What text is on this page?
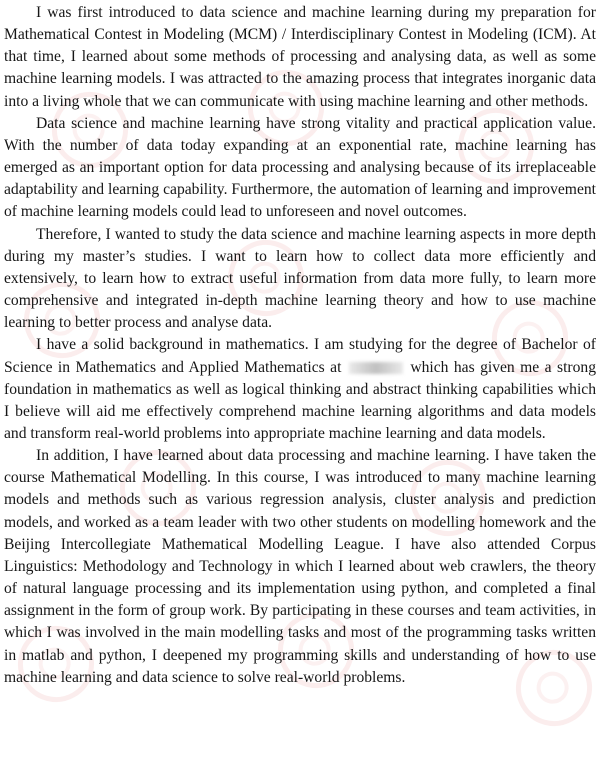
I was first introduced to data science and machine learning during my preparation for Mathematical Contest in Modeling (MCM) / Interdisciplinary Contest in Modeling (ICM). At that time, I learned about some methods of processing and analysing data, as well as some machine learning models. I was attracted to the amazing process that integrates inorganic data into a living whole that we can communicate with using machine learning and other methods.

Data science and machine learning have strong vitality and practical application value. With the number of data today expanding at an exponential rate, machine learning has emerged as an important option for data processing and analysing because of its irreplaceable adaptability and learning capability. Furthermore, the automation of learning and improvement of machine learning models could lead to unforeseen and novel outcomes.

Therefore, I wanted to study the data science and machine learning aspects in more depth during my master’s studies. I want to learn how to collect data more efficiently and extensively, to learn how to extract useful information from data more fully, to learn more comprehensive and integrated in-depth machine learning theory and how to use machine learning to better process and analyse data.

I have a solid background in mathematics. I am studying for the degree of Bachelor of Science in Mathematics and Applied Mathematics at	which has given me a strong foundation in mathematics as well as logical thinking and abstract thinking capabilities which I believe will aid me effectively comprehend machine learning algorithms and data models and transform real-world problems into appropriate machine learning and data models.

In addition, I have learned about data processing and machine learning. I have taken the course Mathematical Modelling. In this course, I was introduced to many machine learning models and methods such as various regression analysis, cluster analysis and prediction models, and worked as a team leader with two other students on modelling homework and the Beijing Intercollegiate Mathematical Modelling League. I have also attended Corpus Linguistics: Methodology and Technology in which I learned about web crawlers, the theory of natural language processing and its implementation using python, and completed a final assignment in the form of group work. By participating in these courses and team activities, in which I was involved in the main modelling tasks and most of the programming tasks written in matlab and python, I deepened my programming skills and understanding of how to use machine learning and data science to solve real-world problems.
